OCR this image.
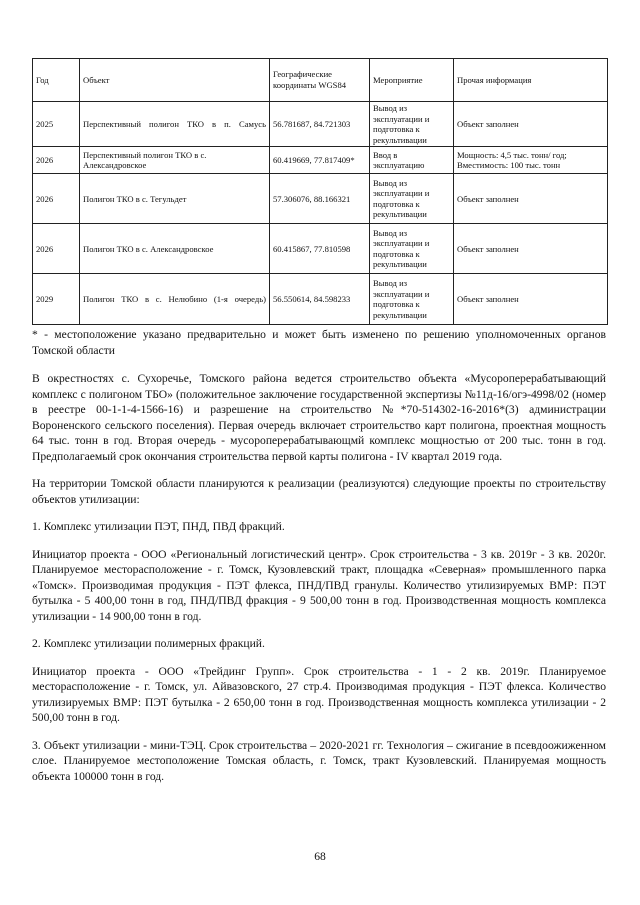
Год	Объект	Географические координаты WGS84	Мероприятие	Прочая информация
2025	Перспективный полигон ТКО в п. Самусь	56.781687, 84.721303	Вывод из эксплуатации и подготовка к рекультивации	Объект заполнен
2026	Перспективный полигон ТКО в с. Александровское	60.419669, 77.817409*	Ввод в эксплуатацию	Мощность: 4,5 тыс. тонн/ год; Вместимость: 100 тыс. тонн
2026	Полигон ТКО в с. Тегульдет	57.306076, 88.166321	Вывод из эксплуатации и подготовка к рекультивации	Объект заполнен
2026	Полигон ТКО в с. Александровское	60.415867, 77.810598	Вывод из эксплуатации и подготовка к рекультивации	Объект заполнен
2029	Полигон ТКО в с. Нелюбино (1-я очередь)	56.550614, 84.598233	Вывод из эксплуатации и подготовка к рекультивации	Объект заполнен
* - местоположение указано предварительно и может быть изменено по решению уполномоченных органов Томской области

В окрестностях с. Сухоречье, Томского района ведется строительство объекта «Мусороперерабатывающий комплекс с полигоном ТБО» (положительное заключение государственной экспертизы №11д-16/огэ-4998/02 (номер в реестре 00-1-1-4-1566-16) и разрешение на строительство №*70-514302-16-2016*(3) администрации Вороненского сельского поселения). Первая очередь включает строительство карт полигона, проектная мощность 64 тыс. тонн в год. Вторая очередь - мусороперерабатывающмй комплекс мощностью от 200 тыс. тонн в год. Предполагаемый срок окончания строительства первой карты полигона - IV квартал 2019 года.

На территории Томской области планируются к реализации (реализуются) следующие проекты по строительству объектов утилизации:

1. Комплекс утилизации ПЭТ, ПНД, ПВД фракций.

Инициатор проекта - ООО «Региональный логистический центр». Срок строительства - 3 кв. 2019г - 3 кв. 2020г. Планируемое месторасположение - г. Томск, Кузовлевский тракт, площадка «Северная» промышленного парка «Томск». Производимая продукция - ПЭТ флекса, ПНД/ПВД гранулы. Количество утилизируемых ВМР: ПЭТ бутылка - 5 400,00 тонн в год, ПНД/ПВД фракция - 9 500,00 тонн в год. Производственная мощность комплекса утилизации - 14 900,00 тонн в год.

2. Комплекс утилизации полимерных фракций.

Инициатор проекта - ООО «Трейдинг Групп». Срок строительства - 1 - 2 кв. 2019г. Планируемое месторасположение - г. Томск, ул. Айвазовского, 27 стр.4. Производимая продукция - ПЭТ флекса. Количество утилизируемых ВМР: ПЭТ бутылка - 2 650,00 тонн в год. Производственная мощность комплекса утилизации - 2 500,00 тонн в год.

3. Объект утилизации - мини-ТЭЦ. Срок строительства – 2020-2021 гг. Технология – сжигание в псевдоожиженном слое. Планируемое местоположение Томская область, г. Томск, тракт Кузовлевский. Планируемая мощность объекта 100000 тонн в год.

68
